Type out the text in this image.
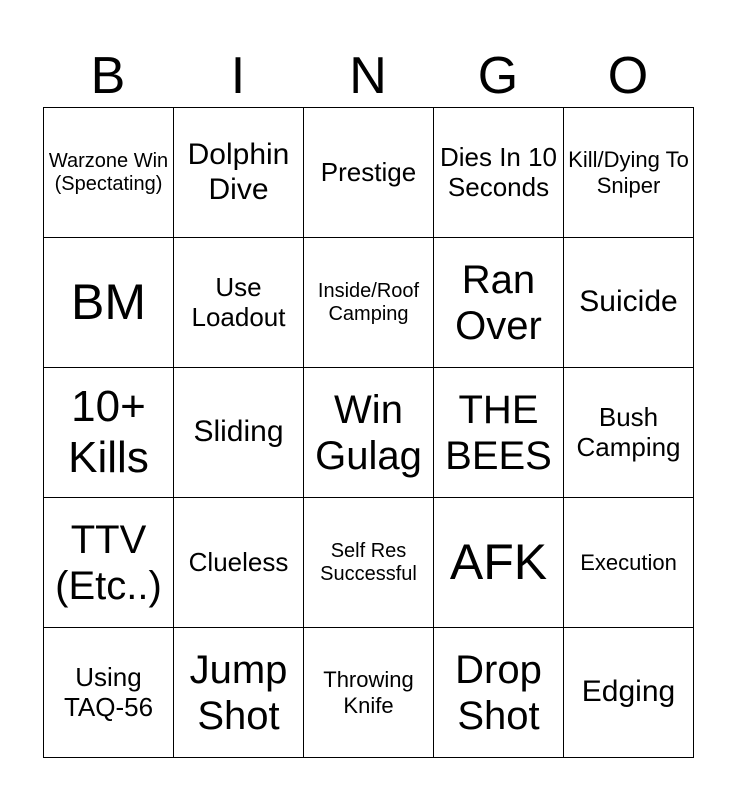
B	I	N	G	O
Warzone Win (Spectating)	Dolphin Dive	Prestige	Dies In 10 Seconds	Kill/Dying To Sniper
BM	Use Loadout	Inside/Roof Camping	Ran Over	Suicide
10+ Kills	Sliding	Win Gulag	THE BEES	Bush Camping
TTV (Etc..)	Clueless	Self Res Successful	AFK	Execution
Using TAQ-56	Jump Shot	Throwing Knife	Drop Shot	Edging
